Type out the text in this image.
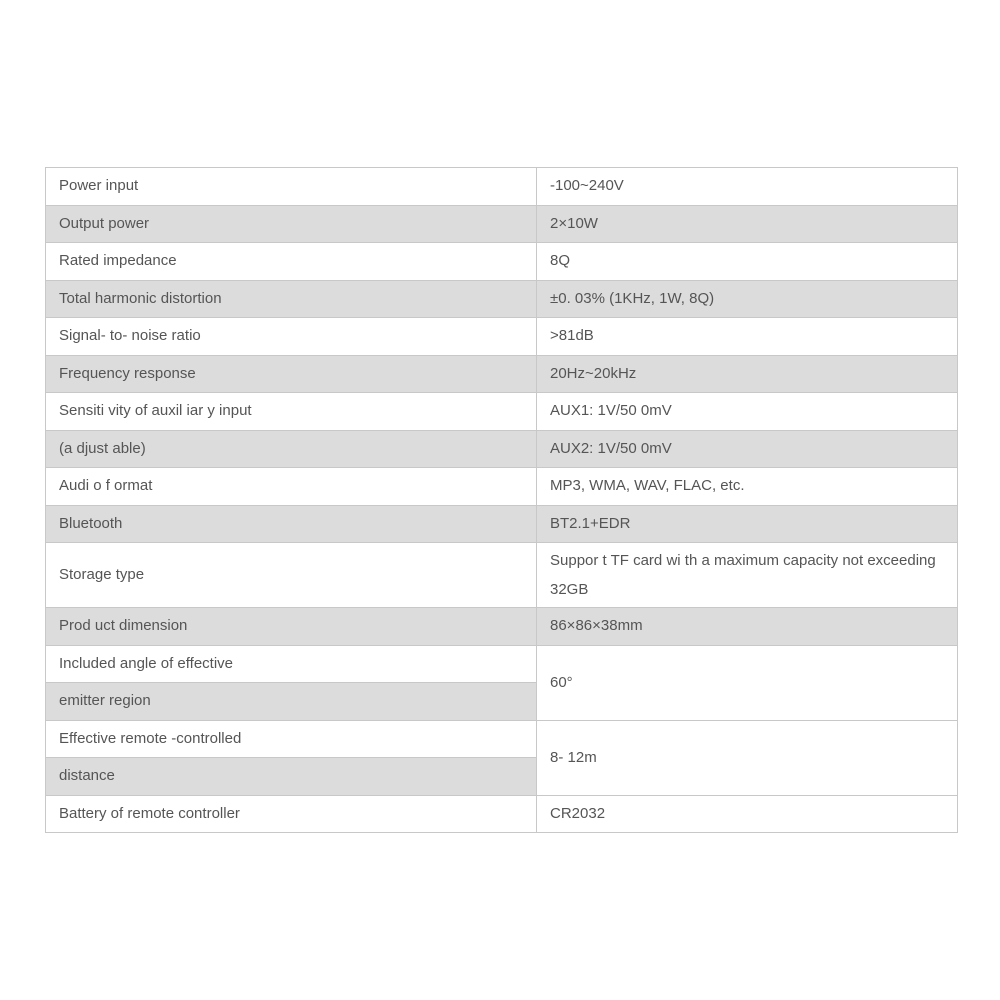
Power input	-100~240V
Output power	2×10W
Rated impedance	8Q
Total harmonic distortion	±0. 03% (1KHz, 1W, 8Q)
Signal- to- noise ratio	>81dB
Frequency response	20Hz~20kHz
Sensiti vity of auxil iar y input	AUX1: 1V/50 0mV
(a djust able)	AUX2: 1V/50 0mV
Audi o f ormat	MP3, WMA, WAV, FLAC, etc.
Bluetooth	BT2.1+EDR
Storage type	Suppor t TF card wi th a maximum capacity not exceeding 32GB
Prod uct dimension	86×86×38mm
Included angle of effective	60°
emitter region	
Effective remote -controlled	8- 12m
distance	
Battery of remote controller	CR2032
